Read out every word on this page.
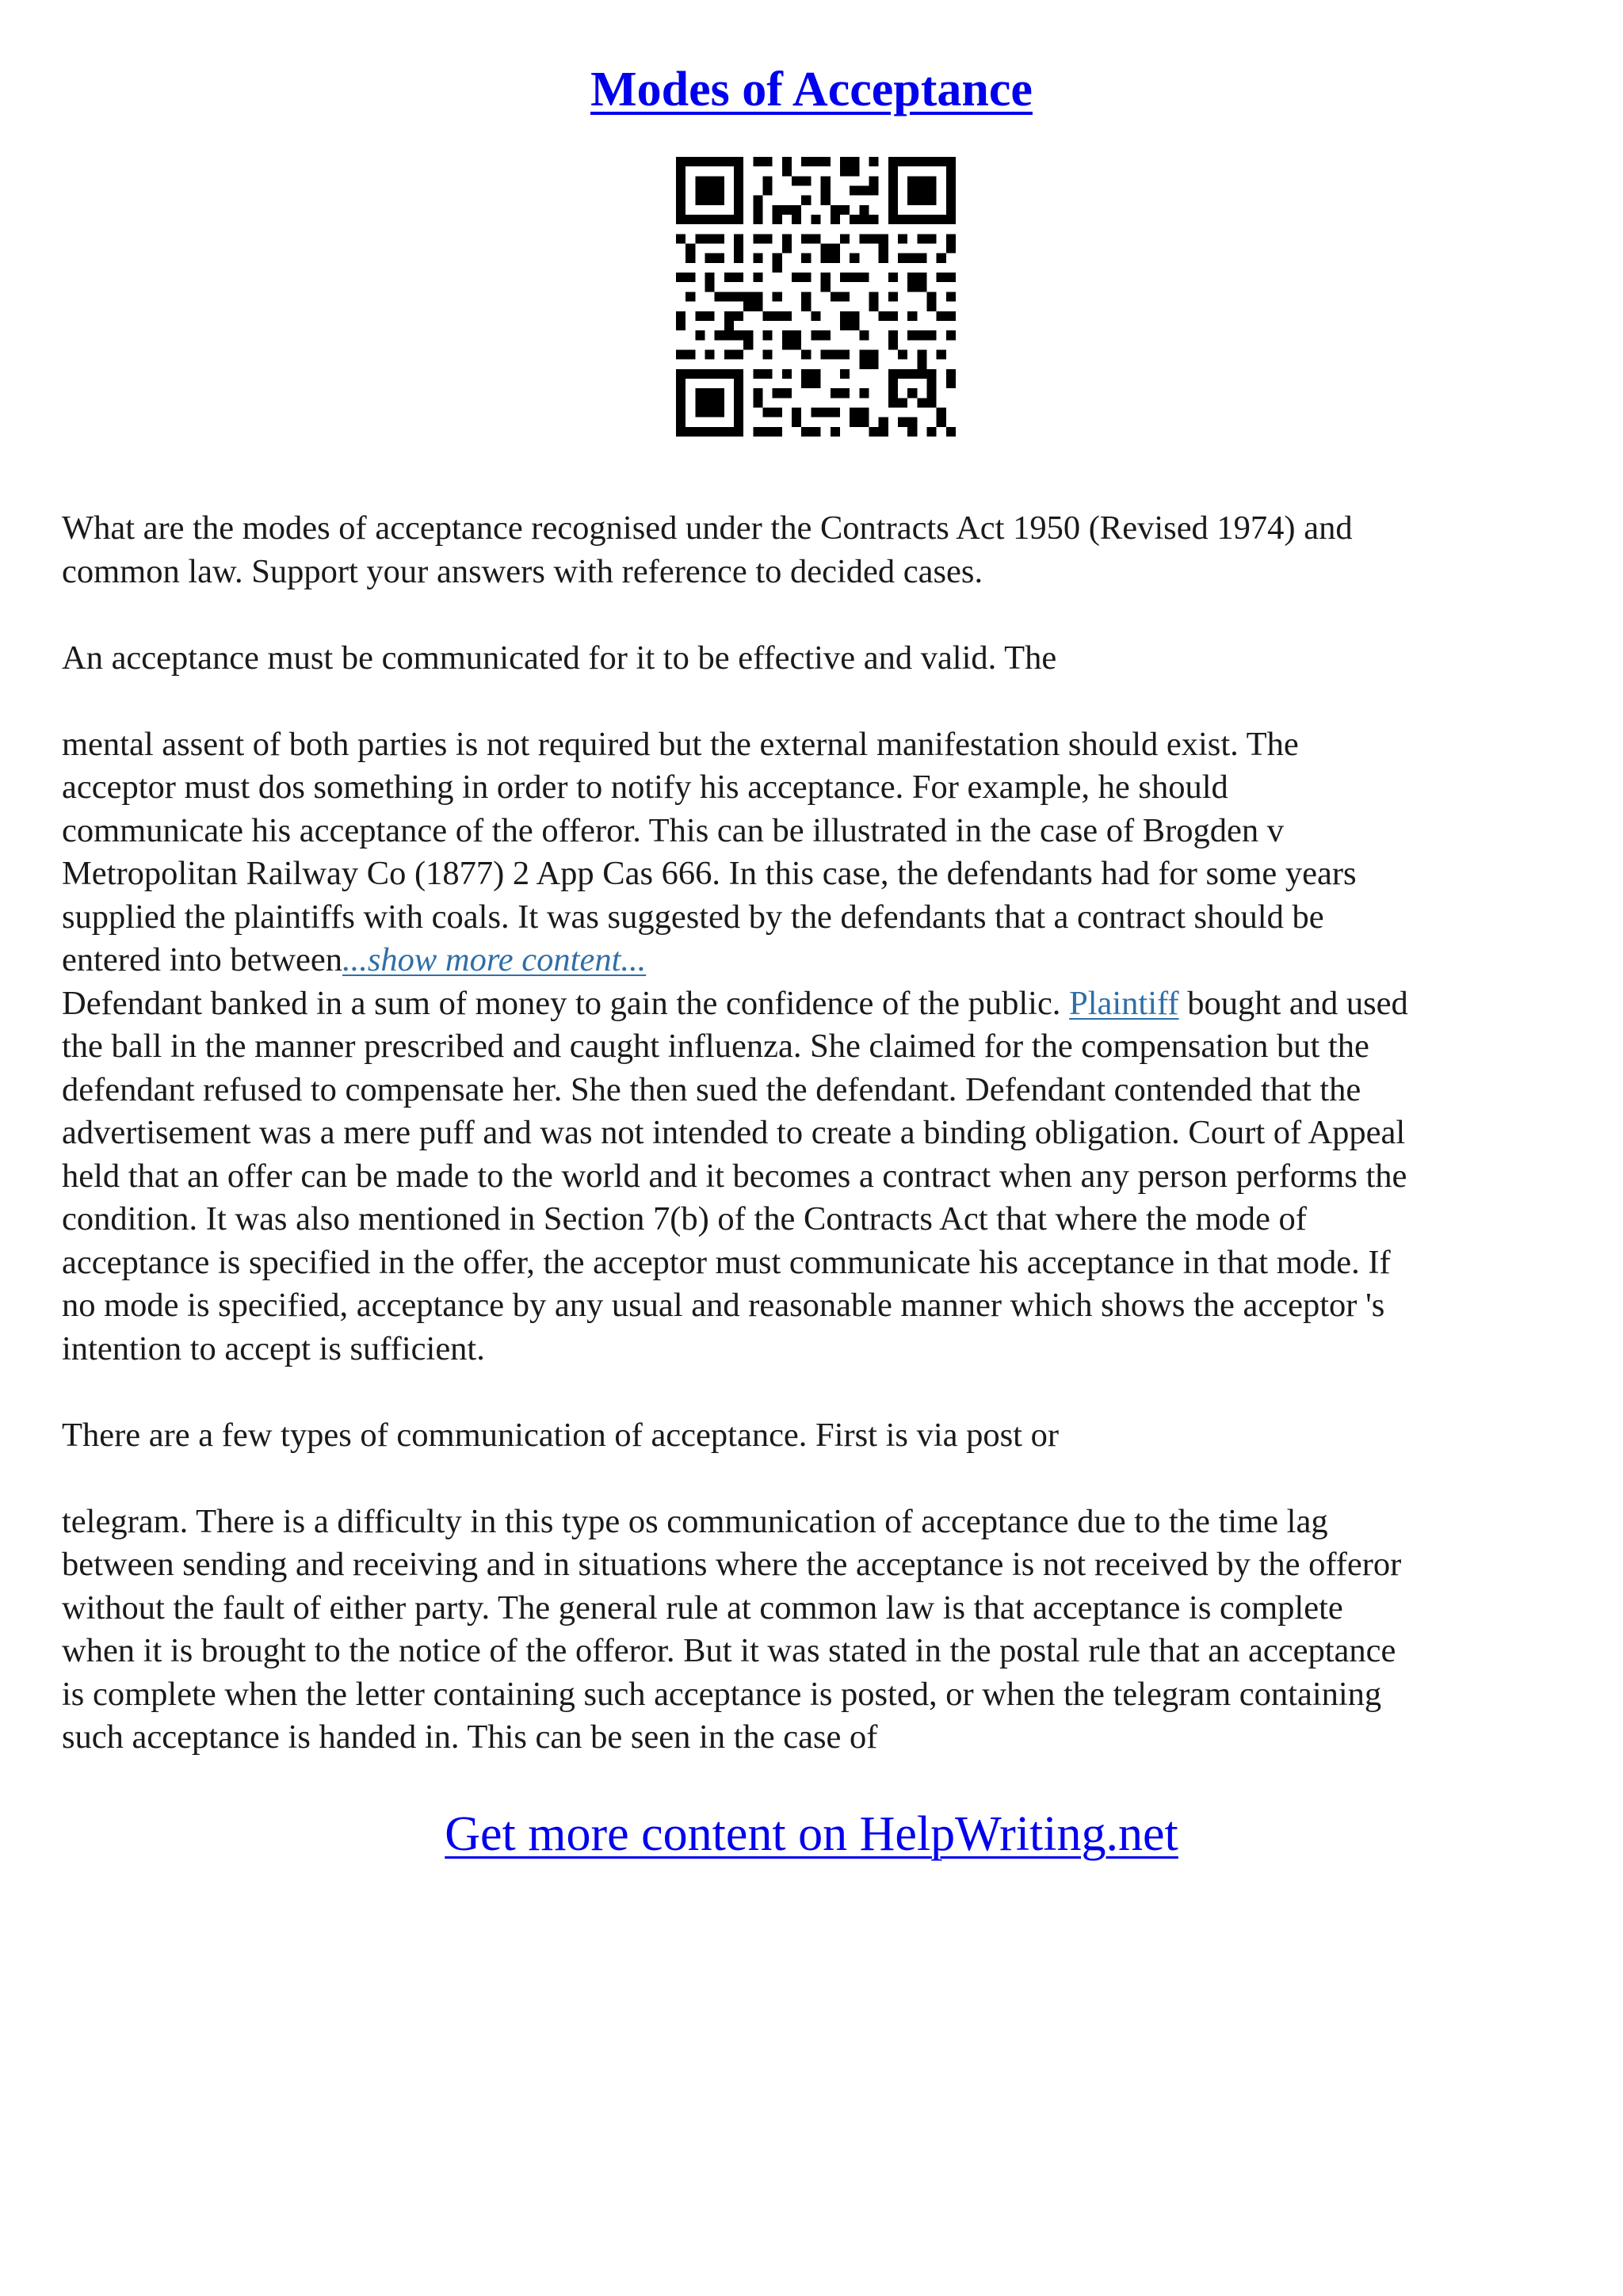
Modes of Acceptance

What are the modes of acceptance recognised under the Contracts Act 1950 (Revised 1974) and

common law. Support your answers with reference to decided cases.

An acceptance must be communicated for it to be effective and valid. The

mental assent of both parties is not required but the external manifestation should exist. The

acceptor must dos something in order to notify his acceptance. For example, he should

communicate his acceptance of the offeror. This can be illustrated in the case of Brogden v

Metropolitan Railway Co (1877) 2 App Cas 666. In this case, the defendants had for some years

supplied the plaintiffs with coals. It was suggested by the defendants that a contract should be

entered into between...show more content...

Defendant banked in a sum of money to gain the confidence of the public. Plaintiff bought and used

the ball in the manner prescribed and caught influenza. She claimed for the compensation but the

defendant refused to compensate her. She then sued the defendant. Defendant contended that the

advertisement was a mere puff and was not intended to create a binding obligation. Court of Appeal

held that an offer can be made to the world and it becomes a contract when any person performs the

condition. It was also mentioned in Section 7(b) of the Contracts Act that where the mode of

acceptance is specified in the offer, the acceptor must communicate his acceptance in that mode. If

no mode is specified, acceptance by any usual and reasonable manner which shows the acceptor 's

intention to accept is sufficient.

There are a few types of communication of acceptance. First is via post or

telegram. There is a difficulty in this type os communication of acceptance due to the time lag

between sending and receiving and in situations where the acceptance is not received by the offeror

without the fault of either party. The general rule at common law is that acceptance is complete

when it is brought to the notice of the offeror. But it was stated in the postal rule that an acceptance

is complete when the letter containing such acceptance is posted, or when the telegram containing

such acceptance is handed in. This can be seen in the case of

Get more content on HelpWriting.net
